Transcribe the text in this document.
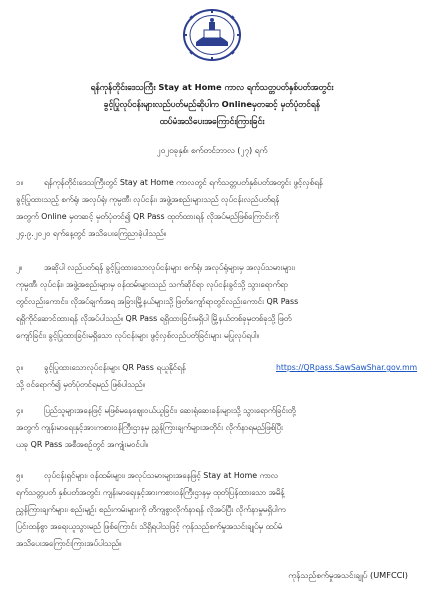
ရန်ကုန်တိုင်းဒေသကြီး Stay at Home ကာလ ရက်သတ္တပတ်နှစ်ပတ်အတွင်း
ခွင့်ပြုလုပ်ငန်းများလည်ပတ်မည်ဆိုပါက Onlineမှတဆင့် မှတ်ပုံတင်ရန်
ထပ်မံအသိပေးအကြောင်းကြားခြင်း
၂၀၂၀ခုနှစ်၊ စက်တင်ဘာလ (၂၇) ရက်
၁။	ရန်ကုန်တိုင်းဒေသကြီးတွင် Stay at Home ကာလတွင် ရက်သတ္တပတ်နှစ်ပတ်အတွင်း ဖွင့်လှစ်ရန်
ခွင့်ပြုထားသည့် စက်ရုံ၊ အလုပ်ရုံ၊ ကုမ္ပဏီ၊ လုပ်ငန်း၊ အဖွဲ့အစည်းများသည် လုပ်ငန်းလည်ပတ်ရန်
အတွက် Online မှတဆင့် မှတ်ပုံတင်၍ QR Pass ထုတ်ထားရန် လိုအပ်မည်ဖြစ်ကြောင်းကို
၂၄.၉.၂၀၂၀ ရက်နေ့တွင် အသိပေးကြေညာခဲ့ပါသည်။
၂။	အဆိုပါ လည်ပတ်ရန် ခွင့်ပြုထားသောလုပ်ငန်းများ စက်ရုံ၊ အလုပ်ရုံများမှ အလုပ်သမားများ၊
ကုမ္ပဏီ၊ လုပ်ငန်း၊ အဖွဲ့အစည်းများမှ ဝန်ထမ်းများသည် သက်ဆိုင်ရာ လုပ်ငန်းခွင်သို့ သွားရောက်ရာ
တွင်လည်းကောင်း၊ လိုအပ်ချက်အရ အခြားမြို့နယ်များသို့ ဖြတ်ကျော်ရာတွင်လည်းကောင်း QR Pass
ရရှိကိုင်ဆောင်ထားရန် လိုအပ်ပါသည်။ QR Pass ရရှိထားခြင်းမရှိပါ မြို့နယ်တစ်ခုမှတစ်ခုသို့ ဖြတ်
ကျော်ခြင်း၊ ခွင့်ပြုထားခြင်းမရှိသော လုပ်ငန်းများ ဖွင့်လှစ်လည်ပတ်ခြင်းများ မပြုလုပ်ရပါ။
၃။	ခွင့်ပြုထားသောလုပ်ငန်းများ QR Pass ရယူနိုင်ရန်	https://QRpass.SawSawShar.gov.mm
သို့ ဝင်ရောက်၍ မှတ်ပုံတင်ရမည် ဖြစ်ပါသည်။
၄။	ပြည်သူများအနေဖြင့် မဖြစ်မနေဈေးဝယ်ယူခြင်း၊ ဆေးရုံဆေးခန်းများသို့ သွားရောက်ခြင်းတို့
အတွက် ကျန်းမာရေးနှင့်အားကစားဝန်ကြီးဌာနမှ ညွှန်ကြားချက်များအတိုင်း လိုက်နာရမည်ဖြစ်ပြီး
ယခု QR Pass အစီအစဉ်တွင် အကျုံးမဝင်ပါ။
၅။	လုပ်ငန်းရှင်များ၊ ဝန်ထမ်းများ၊ အလုပ်သမားများအနေဖြင့် Stay at Home ကာလ
ရက်သတ္တပတ် နှစ်ပတ်အတွင်း ကျန်းမာရေးနှင့်အားကစားဝန်ကြီးဌာနမှ ထုတ်ပြန်ထားသော အမိန့်
ညွှန်ကြားချက်များ၊ စည်းမျဉ်း စည်းကမ်းများကို တိကျစွာလိုက်နာရန် လိုအပ်ပြီး လိုက်နာမှုမရှိပါက
ပြင်းထန်စွာ အရေးယူသွားမည် ဖြစ်ကြောင်း သိရှိရပါသဖြင့် ကုန်သည်စက်မှုအသင်းချုပ်မှ ထပ်မံ
အသိပေးအကြောင်းကြားအပ်ပါသည်။
ကုန်သည်စက်မှုအသင်းချုပ် (UMFCCI)
